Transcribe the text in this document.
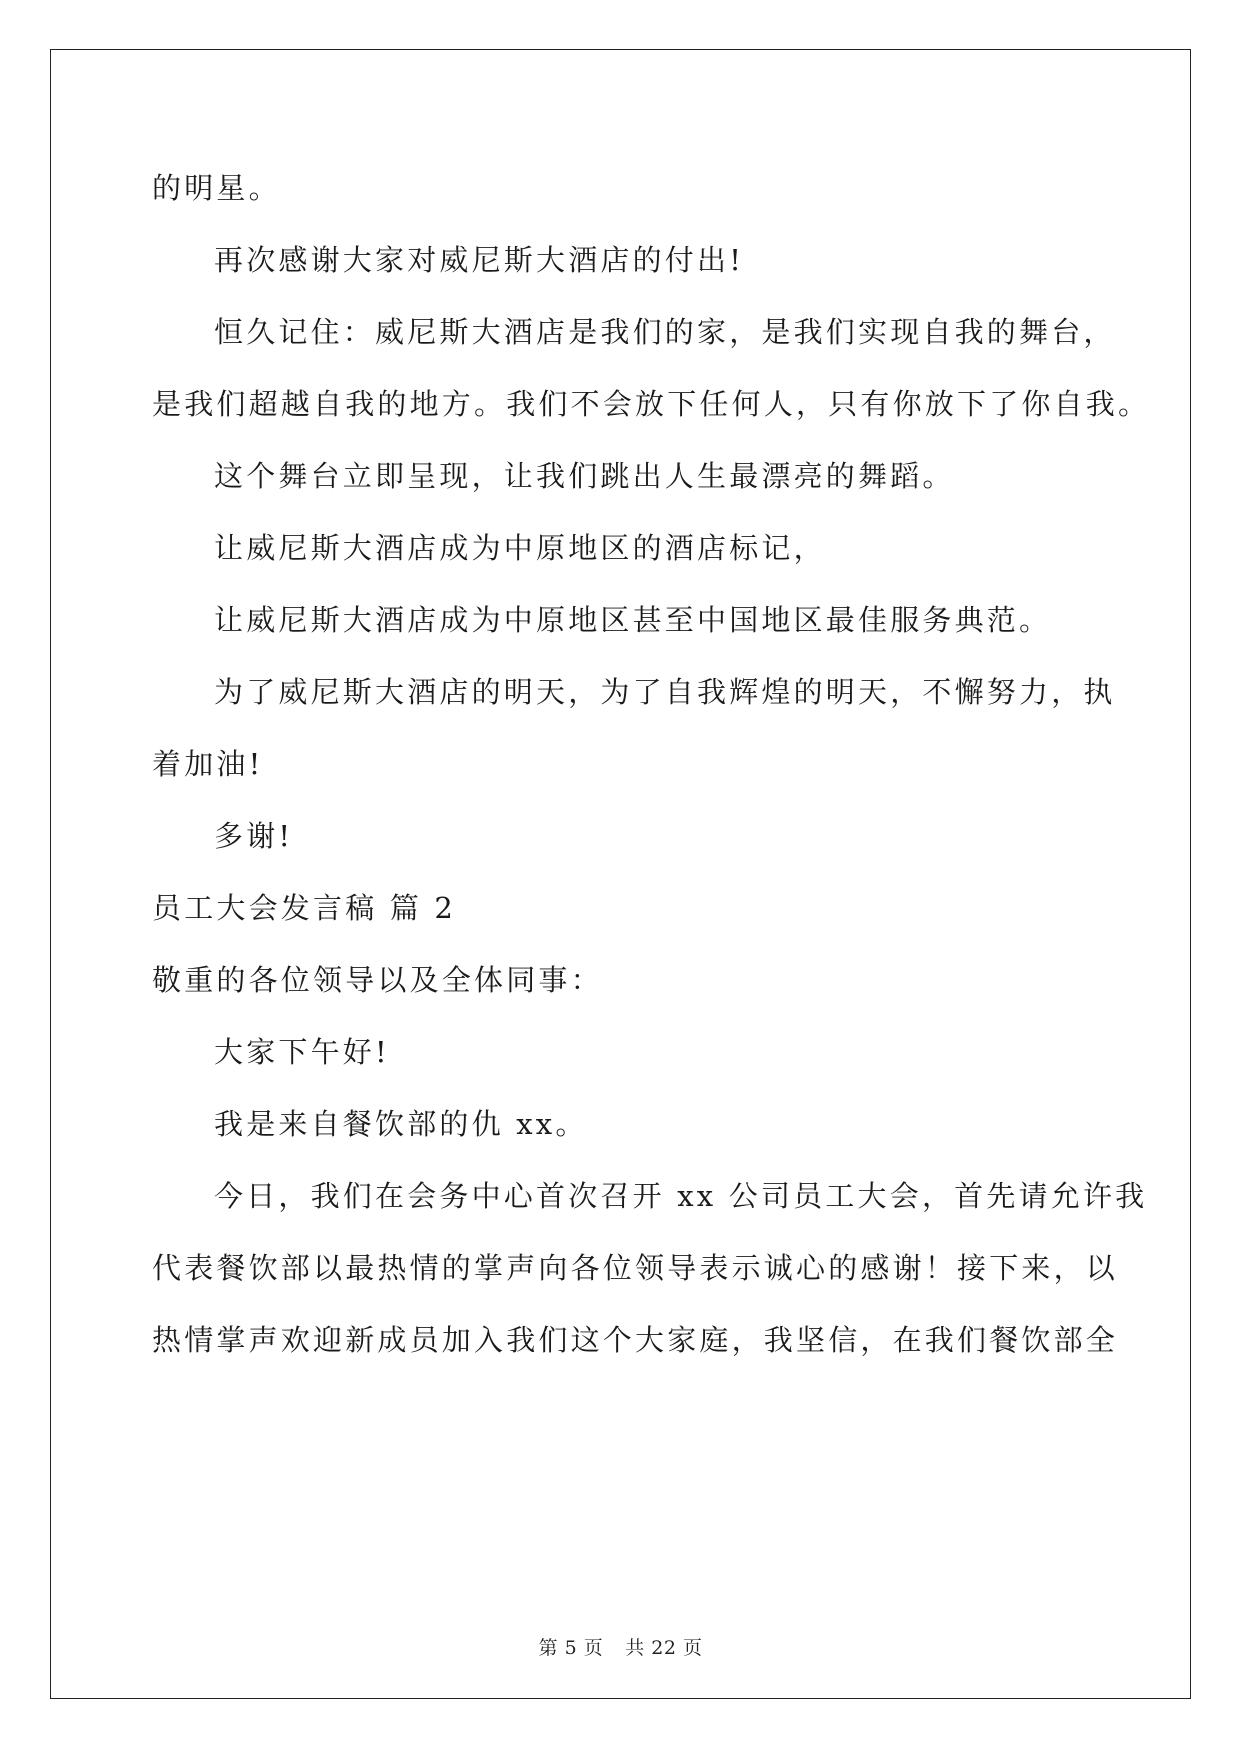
的明星。
再次感谢大家对威尼斯大酒店的付出!
恒久记住：威尼斯大酒店是我们的家，是我们实现自我的舞台，
是我们超越自我的地方。我们不会放下任何人，只有你放下了你自我。
这个舞台立即呈现，让我们跳出人生最漂亮的舞蹈。
让威尼斯大酒店成为中原地区的酒店标记，
让威尼斯大酒店成为中原地区甚至中国地区最佳服务典范。
为了威尼斯大酒店的明天，为了自我辉煌的明天，不懈努力，执
着加油!
多谢!
员工大会发言稿 篇 2
敬重的各位领导以及全体同事：
大家下午好!
我是来自餐饮部的仇 xx。
今日，我们在会务中心首次召开 xx 公司员工大会，首先请允许我
代表餐饮部以最热情的掌声向各位领导表示诚心的感谢！接下来，以
热情掌声欢迎新成员加入我们这个大家庭，我坚信，在我们餐饮部全
第 5 页 共 22 页
